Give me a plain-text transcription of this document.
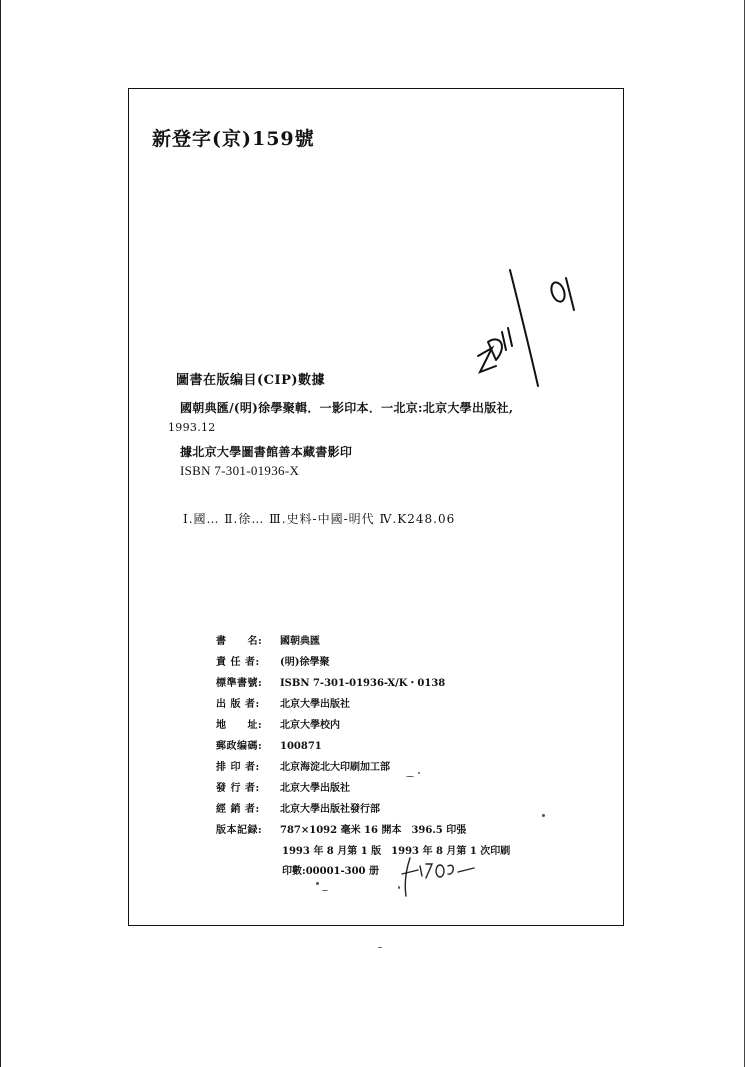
新登字(京)159號
圖書在版编目(CIP)數據
國朝典匯/(明)徐學聚輯．一影印本．一北京:北京大學出版社,
1993.12
據北京大學圖書館善本藏書影印
ISBN 7-301-01936-X
Ⅰ.國… Ⅱ.徐… Ⅲ.史料-中國-明代 Ⅳ.K248.06
書　　名: 國朝典匯
責 任 者: (明)徐學聚
標準書號: ISBN 7-301-01936-X/K・0138
出 版 者: 北京大學出版社
地　　址: 北京大學校内
郵政编碼: 100871
排 印 者: 北京海淀北大印刷加工部
發 行 者: 北京大學出版社
經 銷 者: 北京大學出版社發行部
版本記録: 787×1092 毫米 16 開本　396.5 印張
1993 年 8 月第 1 版　1993 年 8 月第 1 次印刷
印數:00001-300 册
